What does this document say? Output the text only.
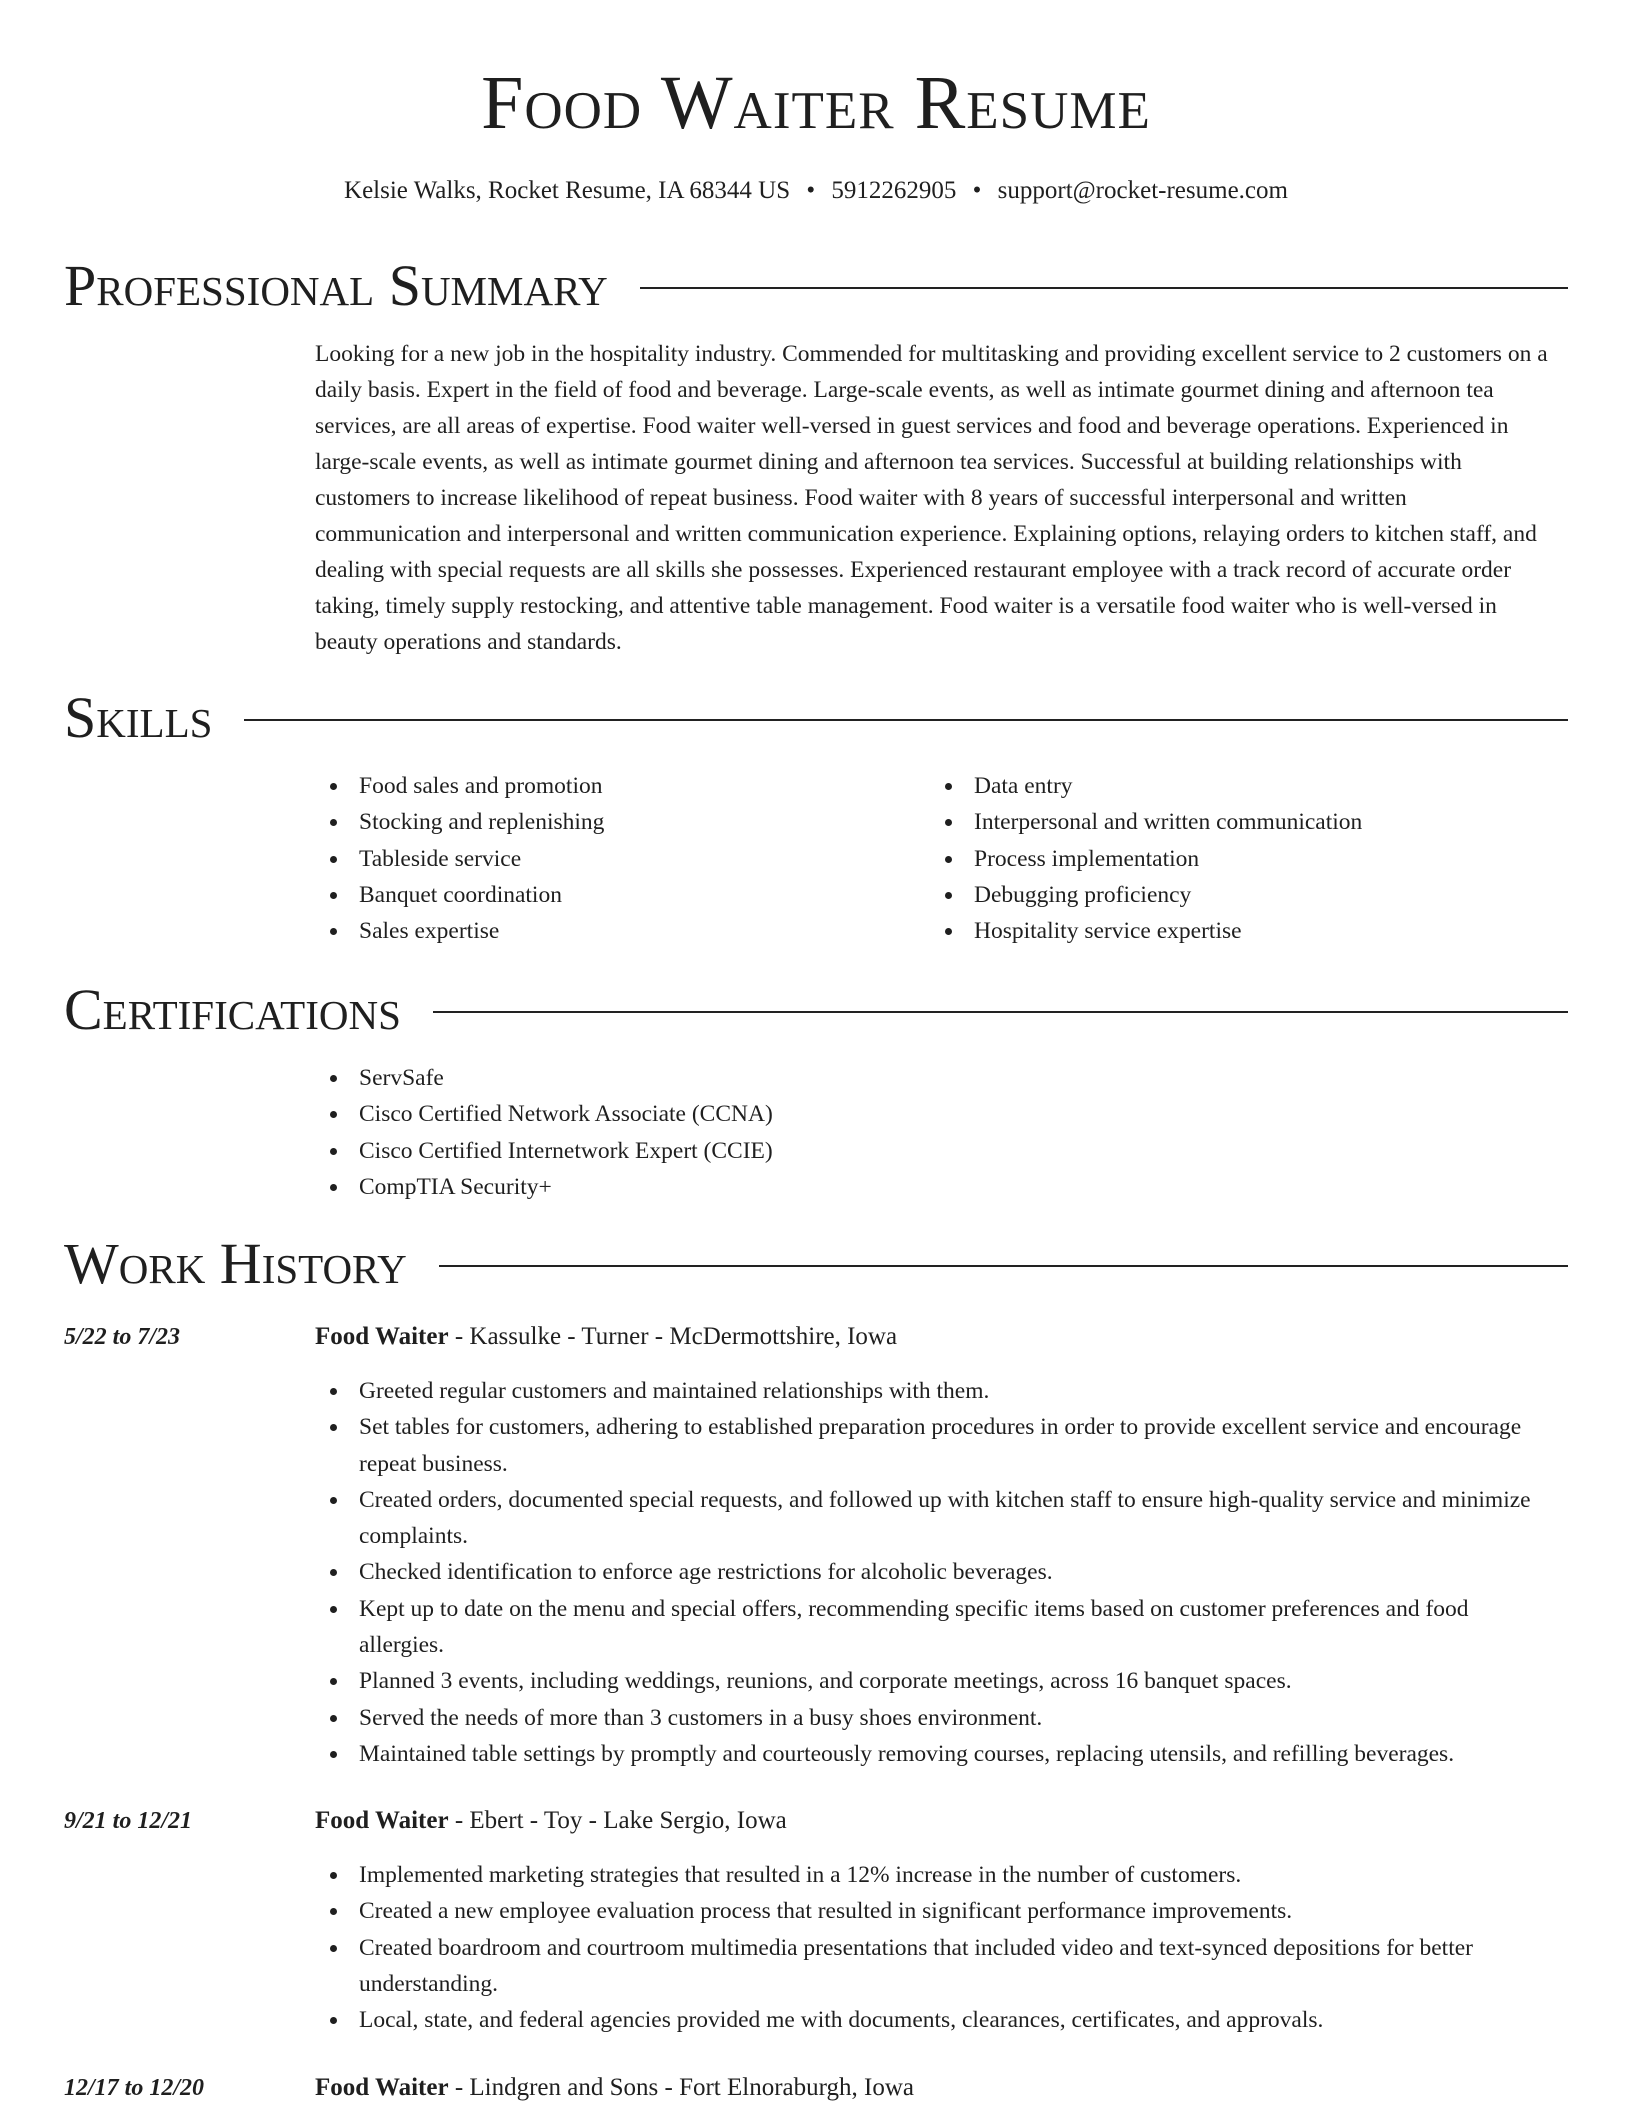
Food Waiter Resume
Kelsie Walks, Rocket Resume, IA 68344 US • 5912262905 • support@rocket-resume.com
Professional Summary

Looking for a new job in the hospitality industry. Commended for multitasking and providing excellent service to 2 customers on a daily basis. Expert in the field of food and beverage. Large-scale events, as well as intimate gourmet dining and afternoon tea services, are all areas of expertise. Food waiter well-versed in guest services and food and beverage operations. Experienced in large-scale events, as well as intimate gourmet dining and afternoon tea services. Successful at building relationships with customers to increase likelihood of repeat business. Food waiter with 8 years of successful interpersonal and written communication and interpersonal and written communication experience. Explaining options, relaying orders to kitchen staff, and dealing with special requests are all skills she possesses. Experienced restaurant employee with a track record of accurate order taking, timely supply restocking, and attentive table management. Food waiter is a versatile food waiter who is well-versed in beauty operations and standards.

Skills
Food sales and promotion
Stocking and replenishing
Tableside service
Banquet coordination
Sales expertise
Data entry
Interpersonal and written communication
Process implementation
Debugging proficiency
Hospitality service expertise
Certifications
ServSafe
Cisco Certified Network Associate (CCNA)
Cisco Certified Internetwork Expert (CCIE)
CompTIA Security+
Work History
5/22 to 7/23	Food Waiter - Kassulke - Turner - McDermottshire, Iowa
Greeted regular customers and maintained relationships with them.
Set tables for customers, adhering to established preparation procedures in order to provide excellent service and encourage repeat business.
Created orders, documented special requests, and followed up with kitchen staff to ensure high-quality service and minimize complaints.
Checked identification to enforce age restrictions for alcoholic beverages.
Kept up to date on the menu and special offers, recommending specific items based on customer preferences and food allergies.
Planned 3 events, including weddings, reunions, and corporate meetings, across 16 banquet spaces.
Served the needs of more than 3 customers in a busy shoes environment.
Maintained table settings by promptly and courteously removing courses, replacing utensils, and refilling beverages.
9/21 to 12/21	Food Waiter - Ebert - Toy - Lake Sergio, Iowa
Implemented marketing strategies that resulted in a 12% increase in the number of customers.
Created a new employee evaluation process that resulted in significant performance improvements.
Created boardroom and courtroom multimedia presentations that included video and text-synced depositions for better understanding.
Local, state, and federal agencies provided me with documents, clearances, certificates, and approvals.
12/17 to 12/20	Food Waiter - Lindgren and Sons - Fort Elnoraburgh, Iowa
